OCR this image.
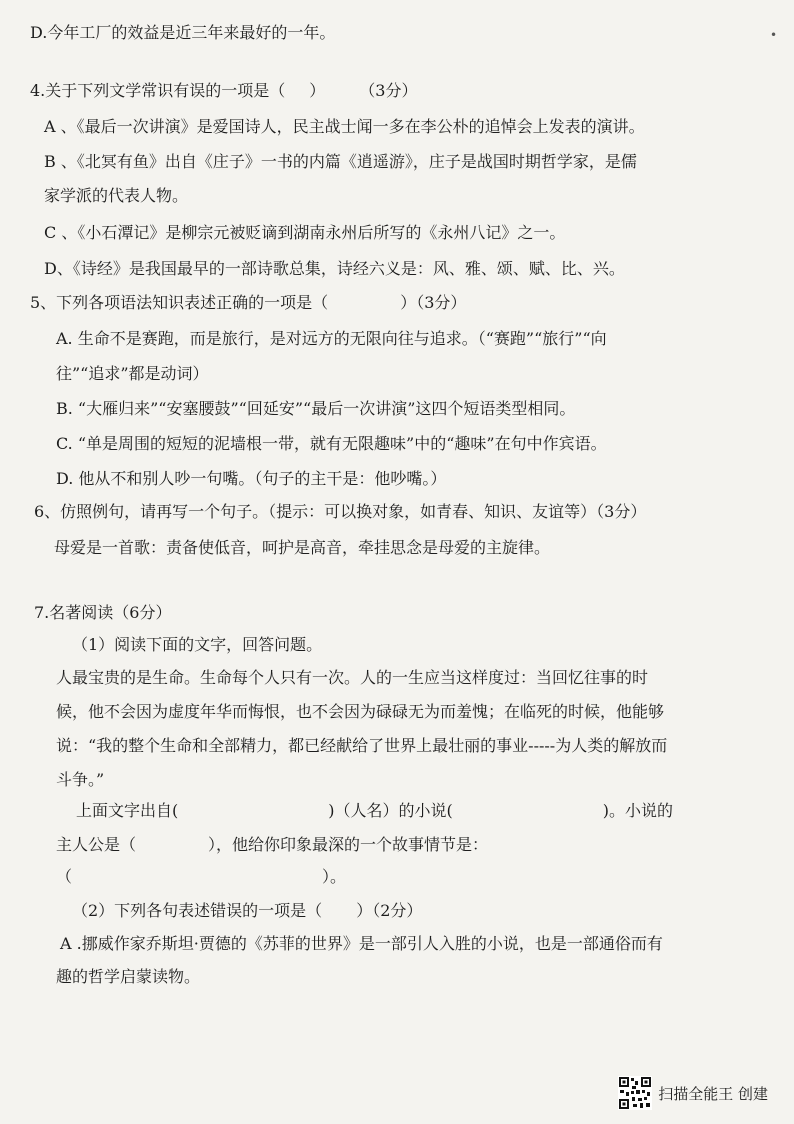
D.今年工厂的效益是近三年来最好的一年。	•
4.关于下列文学常识有误的一项是（ ） （3分）
A 、《最后一次讲演》是爱国诗人，民主战士闻一多在李公朴的追悼会上发表的演讲。
B 、《北冥有鱼》出自《庄子》一书的内篇《逍遥游》，庄子是战国时期哲学家，是儒
家学派的代表人物。
C 、《小石潭记》是柳宗元被贬谪到湖南永州后所写的《永州八记》之一。
D、《诗经》是我国最早的一部诗歌总集，诗经六义是：风、雅、颂、赋、比、兴。
5、下列各项语法知识表述正确的一项是（	）（3分）
A. 生命不是赛跑，而是旅行，是对远方的无限向往与追求。（“赛跑”“旅行”“向
往”“追求”都是动词）
B. “大雁归来”“安塞腰鼓”“回延安”“最后一次讲演”这四个短语类型相同。
C. “单是周围的短短的泥墙根一带，就有无限趣味”中的“趣味”在句中作宾语。
D. 他从不和别人吵一句嘴。（句子的主干是：他吵嘴。）
6、仿照例句，请再写一个句子。（提示：可以换对象，如青春、知识、友谊等）（3分）
母爱是一首歌：责备使低音，呵护是高音，牵挂思念是母爱的主旋律。
7.名著阅读（6分）
（1）阅读下面的文字，回答问题。
人最宝贵的是生命。生命每个人只有一次。人的一生应当这样度过：当回忆往事的时
候，他不会因为虚度年华而悔恨，也不会因为碌碌无为而羞愧；在临死的时候，他能够
说：“我的整个生命和全部精力，都已经献给了世界上最壮丽的事业-----为人类的解放而
斗争。”
上面文字出自(	)（人名）的小说(	)。小说的
主人公是（	），他给你印象最深的一个故事情节是：
（	）。
（2）下列各句表述错误的一项是（ ）（2分）
A .挪威作家乔斯坦·贾德的《苏菲的世界》是一部引人入胜的小说，也是一部通俗而有
趣的哲学启蒙读物。
扫描全能王 创建
